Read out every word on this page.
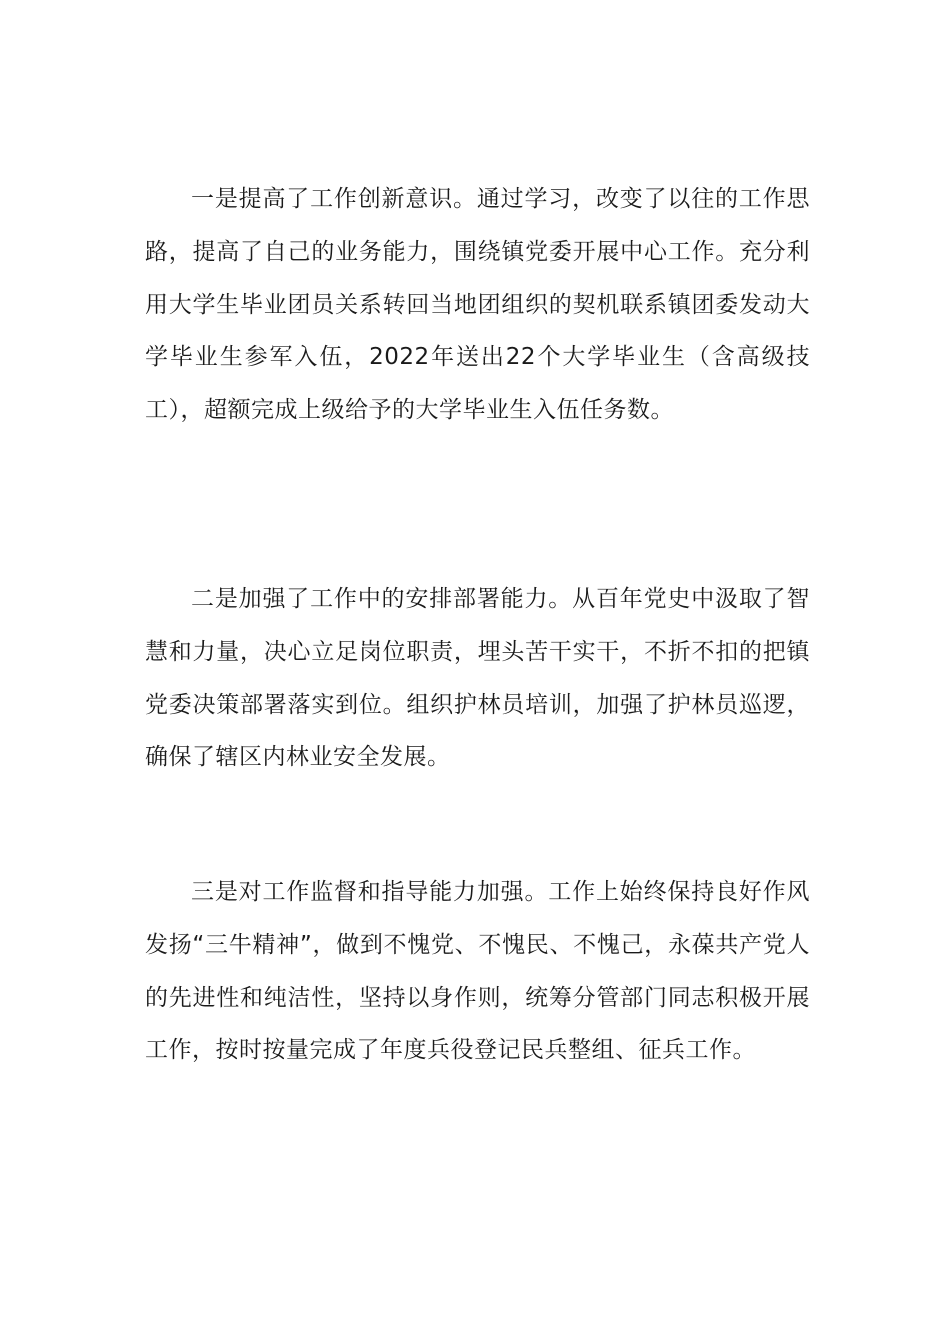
一是提高了工作创新意识。通过学习，改变了以往的工作思路，提高了自己的业务能力，围绕镇党委开展中心工作。充分利用大学生毕业团员关系转回当地团组织的契机联系镇团委发动大学毕业生参军入伍，2022年送出22个大学毕业生（含高级技工），超额完成上级给予的大学毕业生入伍任务数。

二是加强了工作中的安排部署能力。从百年党史中汲取了智慧和力量，决心立足岗位职责，埋头苦干实干，不折不扣的把镇党委决策部署落实到位。组织护林员培训，加强了护林员巡逻，确保了辖区内林业安全发展。

三是对工作监督和指导能力加强。工作上始终保持良好作风发扬“三牛精神”，做到不愧党、不愧民、不愧己，永葆共产党人的先进性和纯洁性，坚持以身作则，统筹分管部门同志积极开展工作，按时按量完成了年度兵役登记民兵整组、征兵工作。
